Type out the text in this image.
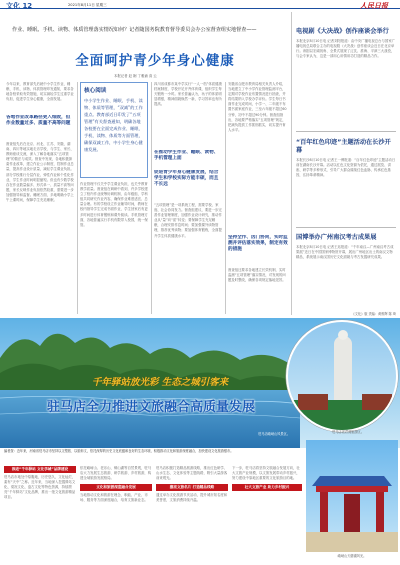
文化 12	2021年8月11日 星期三	人民日报
作业、睡眠、手机、读物、体质管理落实情况如何？记者随国务院教育督导委员会办公室督查组实地督查——
全面呵护青少年身心健康
本报记者 赵 婀 丁雅诵 高 云
今年以来，教育部先后就中小学生作业、睡眠、手机、读物、体质管理印发通知，要求各地各校采取有效措施，切实减轻学生过重学业负担，促进学生身心健康，全面发展。
各地作业改革路径更入细致，但作业数量过多、质量不高等问题
督查组先后在北京、河北、江苏、安徽、湖南、四川等地实地走访学校，与学生、家长、教师座谈交流，深入了解各地落实“五项管理”的做法与成效。督查中发现，各地积极探索作业改革，建立作业公示制度，控制作业总量，提高作业设计质量，减轻学生课业负担。部分学校推行分层作业、弹性作业和个性化作业，学生作业时间明显缩短。但也有少数学校存在作业数量偏多、形式单一、质量不高等问题，家长反映作业负担依然较重，需要进一步加强指导和监督。睡眠方面，多地明确小学上午上课时间，保障学生充足睡眠。
核心阅读
中小学生作业、睡眠、手机、读物、体质等管理，“双减”的工作重点。教育部近日印发了“五项管理”有关督查通知，明确各地各校要在全面完成作业、睡眠、手机、读物、体质等方面管理，确保双减工作，中小学生身心健康发展。
作业管理不仅关乎学生课业负担，也关乎教育教学质量。督查组在调研中看到，许多学校建立了校内作业统筹协调机制，由年级组、学科组共同研究作业内容，确保作业难度适宜、总量合理。有的学校设立作业辅导时间，教师在校内指导学生完成书面作业，学生回家后有更多时间进行体育锻炼和课外阅读。手机管理方面，各地普遍实行手机有限带入校园，统一保管。
四川省成都市某中学实行“一人一档”体质健康档案制度，学校开足开齐体育课，组织学生每天锻炼一小时。家长普遍认为，孩子的体质明显增强，精神面貌焕然一新，学习效率也有所提高。
在推动学生作业、睡眠、读物、手机管理上面
促进青少年身心健康发展，结合学生和学校实际方能丰硕，而且不长远
“五项管理”是一项系统工程，需要学校、家庭、社会协同发力。督查组建议，要进一步完善作业管理制度，加强作业设计研究，推动作业从“量”向“质”转变；要保障学生充足睡眠，合理安排作息时间；要加强课外读物管理，推荐优秀读物；要加强体育锻炼，全面提升学生体质健康水平。
安徽省合肥市教育局相关负责人介绍，当地建立了中小学作业管理监测平台，定期对学校作业布置情况进行抽查，并将结果纳入学校办学评价。学生每日书面作业完成时间，小学一、二年级不布置书面家庭作业，三至六年级不超过60分钟，初中不超过90分钟。督查组指出，各地要严格落实“五项管理”规定，把减负提质工作抓细抓实，切实提升育人水平。
坚持全作、因门协同，实时监测并评估落实效果，制定有效的措施
督查组还要求各地建立长效机制，实时监测“五项管理”落实情况，对发现的问题及时整改，确保各项规定落地见效。
电视剧《大决战》创作座谈会举行
本报北京8月10日电 记者刘阳报道：由中央广播电视总台与国家广播电视总局联合主办的电视剧《大决战》创作座谈会近日在北京举行。该剧以宏阔视角、全景式展现了辽沈、淮海、平津三大战役，与会专家认为，这是一部用心用情用功打造的精品力作。
“百年红色印迹”主题活动在长沙开幕
本报长沙8月10日电 记者王一博报道：“百年红色印迹”主题活动日前在湖南长沙开幕。活动以红色文化资源为依托，通过展览、讲座、研学等多种形式，引导广大群众赓续红色血脉、传承红色基因，弘扬革命精神。
国博举办广州南汉考古成果展
本报北京8月10日电 记者王珏报道：“千年南汉—广州南汉考古成果展”近日在中国国家博物馆开幕，展出广州地区出土的南汉文物精品，系统展示南汉国历史文化面貌与考古发掘研究成果。
《文化》版 责编：黄维辉 陈 琦
驻马店老君洞旅游区。
千年驿站放光彩 生态之城引客来
驻马店全力推进文旅融合高质量发展
驻马店嵖岈山风景区。
编者按：近年来，河南省驻马店市坚持以文塑旅、以旅彰文，依托深厚的历史文化底蕴和良好的生态环境，积极推动文化和旅游深度融合，加快建设文化旅游强市。
推进“千年驿站 文化学城”品牌建设
驻马店市地处中原腹地，历史悠久，文化灿烂，素有“天中”之称。近年来，当地深入挖掘驿站文化、梁祝文化、盘古文化等特色资源，持续擦亮“千年驿站”文化品牌，推出一批文化旅游精品项目。
依托嵖岈山、老乐山、铜山湖等自然景观，驻马店大力发展生态旅游、研学旅游、乡村旅游，构建全域旅游发展格局。
文化和旅游深度融合发展
当地推动文化和旅游在理念、职能、产业、市场、服务等方面深度融合，培育文旅新业态。
驻马店积极打造精品旅游线路，推出红色研学、山水生态、文化体验等主题线路，吸引大量游客前来观光。
擦亮文旅名片 打造精品线路
通过举办文化旅游节庆活动，提升城市知名度和美誉度，文旅消费持续升温。
下一步，驻马店将坚持文旅融合发展方向，壮大文旅产业规模，以文旅发展带动乡村振兴，努力建设中原地区重要的文化旅游目的地。
壮大文旅产业 助力乡村振兴
嵖岈山天磨湖风光。
